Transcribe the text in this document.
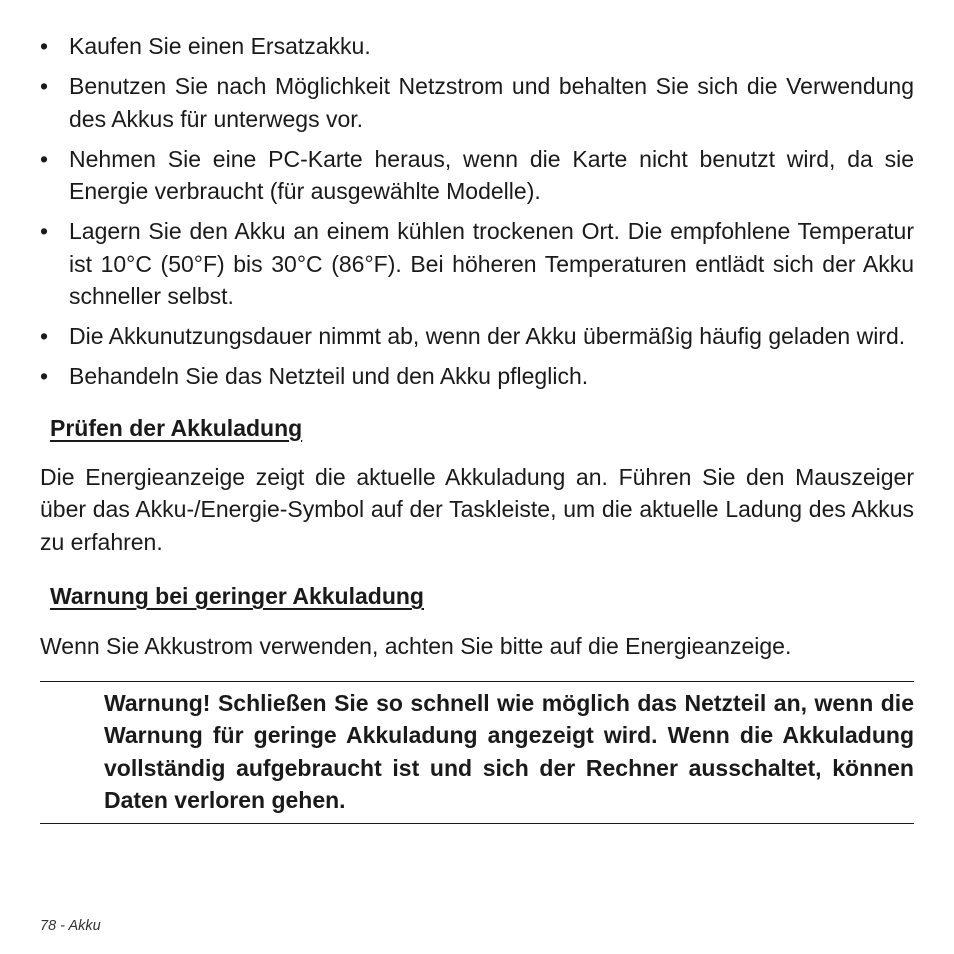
• Kaufen Sie einen Ersatzakku.
• Benutzen Sie nach Möglichkeit Netzstrom und behalten Sie sich die Verwendung des Akkus für unterwegs vor.
• Nehmen Sie eine PC-Karte heraus, wenn die Karte nicht benutzt wird, da sie Energie verbraucht (für ausgewählte Modelle).
• Lagern Sie den Akku an einem kühlen trockenen Ort. Die empfohlene Temperatur ist 10°C (50°F) bis 30°C (86°F). Bei höheren Temperaturen entlädt sich der Akku schneller selbst.
• Die Akkunutzungsdauer nimmt ab, wenn der Akku übermäßig häufig geladen wird.
• Behandeln Sie das Netzteil und den Akku pfleglich.
Prüfen der Akkuladung

Die Energieanzeige zeigt die aktuelle Akkuladung an. Führen Sie den Mauszeiger über das Akku-/Energie-Symbol auf der Taskleiste, um die aktuelle Ladung des Akkus zu erfahren.

Warnung bei geringer Akkuladung

Wenn Sie Akkustrom verwenden, achten Sie bitte auf die Energieanzeige.

Warnung! Schließen Sie so schnell wie möglich das Netzteil an, wenn die Warnung für geringe Akkuladung angezeigt wird. Wenn die Akkuladung vollständig aufgebraucht ist und sich der Rechner ausschaltet, können Daten verloren gehen.

78 - Akku
